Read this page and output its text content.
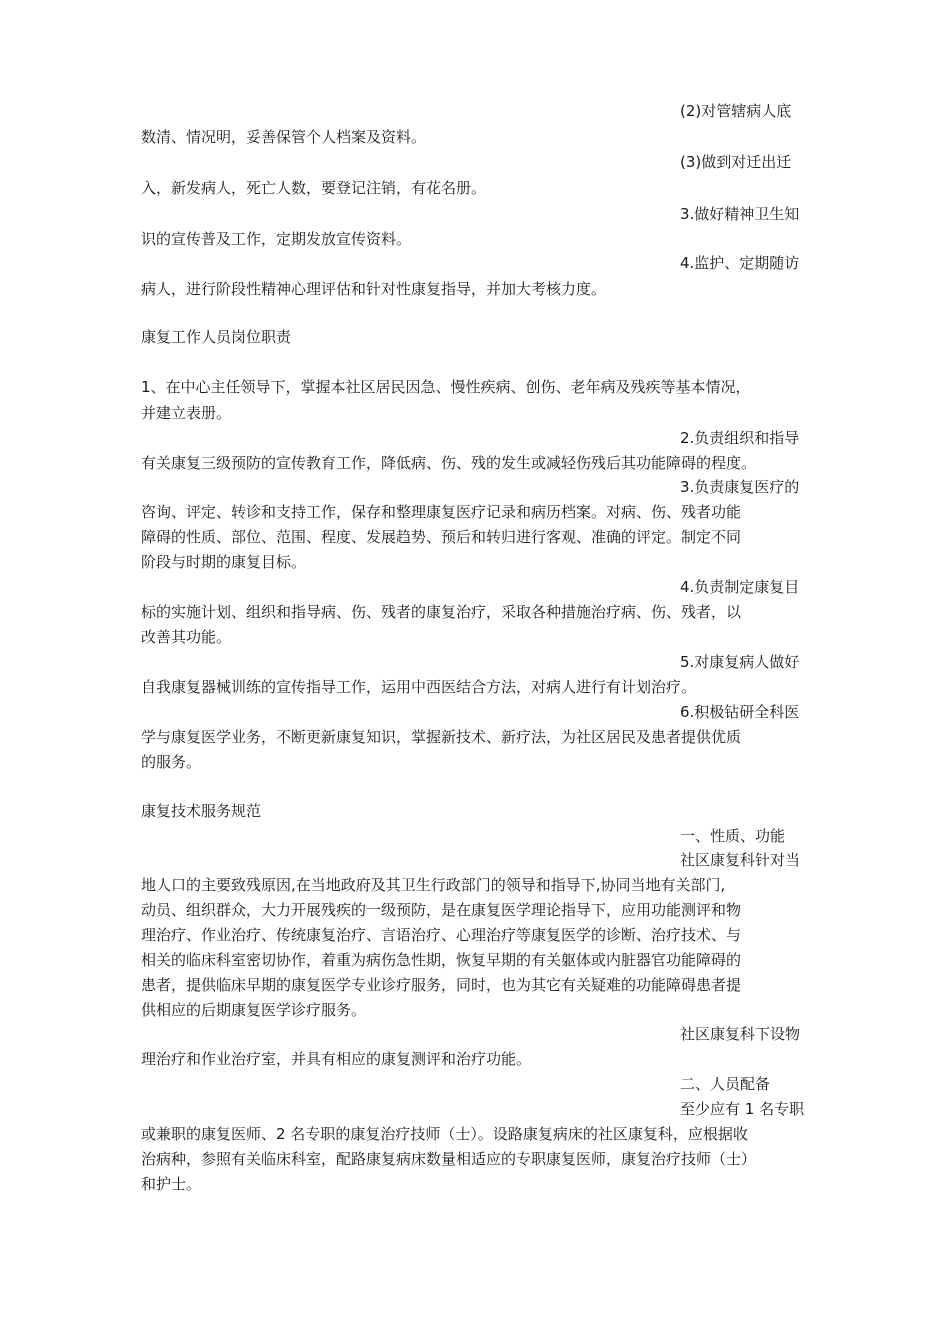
(2)对管辖病人底
数清、情况明，妥善保管个人档案及资料。
(3)做到对迁出迁
入，新发病人，死亡人数，要登记注销，有花名册。
3.做好精神卫生知
识的宣传普及工作，定期发放宣传资料。
4.监护、定期随访
病人，进行阶段性精神心理评估和针对性康复指导，并加大考核力度。
康复工作人员岗位职责
1、在中心主任领导下，掌握本社区居民因急、慢性疾病、创伤、老年病及残疾等基本情况，
并建立表册。
2.负责组织和指导
有关康复三级预防的宣传教育工作，降低病、伤、残的发生或减轻伤残后其功能障碍的程度。
3.负责康复医疗的
咨询、评定、转诊和支持工作，保存和整理康复医疗记录和病历档案。对病、伤、残者功能
障碍的性质、部位、范围、程度、发展趋势、预后和转归进行客观、准确的评定。制定不同
阶段与时期的康复目标。
4.负责制定康复目
标的实施计划、组织和指导病、伤、残者的康复治疗，采取各种措施治疗病、伤、残者，以
改善其功能。
5.对康复病人做好
自我康复器械训练的宣传指导工作，运用中西医结合方法，对病人进行有计划治疗。
6.积极钻研全科医
学与康复医学业务，不断更新康复知识，掌握新技术、新疗法，为社区居民及患者提供优质
的服务。
康复技术服务规范
一、性质、功能
社区康复科针对当
地人口的主要致残原因,在当地政府及其卫生行政部门的领导和指导下,协同当地有关部门,
动员、组织群众，大力开展残疾的一级预防，是在康复医学理论指导下，应用功能测评和物
理治疗、作业治疗、传统康复治疗、言语治疗、心理治疗等康复医学的诊断、治疗技术、与
相关的临床科室密切协作，着重为病伤急性期，恢复早期的有关躯体或内脏器官功能障碍的
患者，提供临床早期的康复医学专业诊疗服务，同时，也为其它有关疑难的功能障碍患者提
供相应的后期康复医学诊疗服务。
社区康复科下设物
理治疗和作业治疗室，并具有相应的康复测评和治疗功能。
二、人员配备
至少应有 1 名专职
或兼职的康复医师、2 名专职的康复治疗技师（士）。设路康复病床的社区康复科，应根据收
治病种，参照有关临床科室，配路康复病床数量相适应的专职康复医师，康复治疗技师（士）
和护士。
